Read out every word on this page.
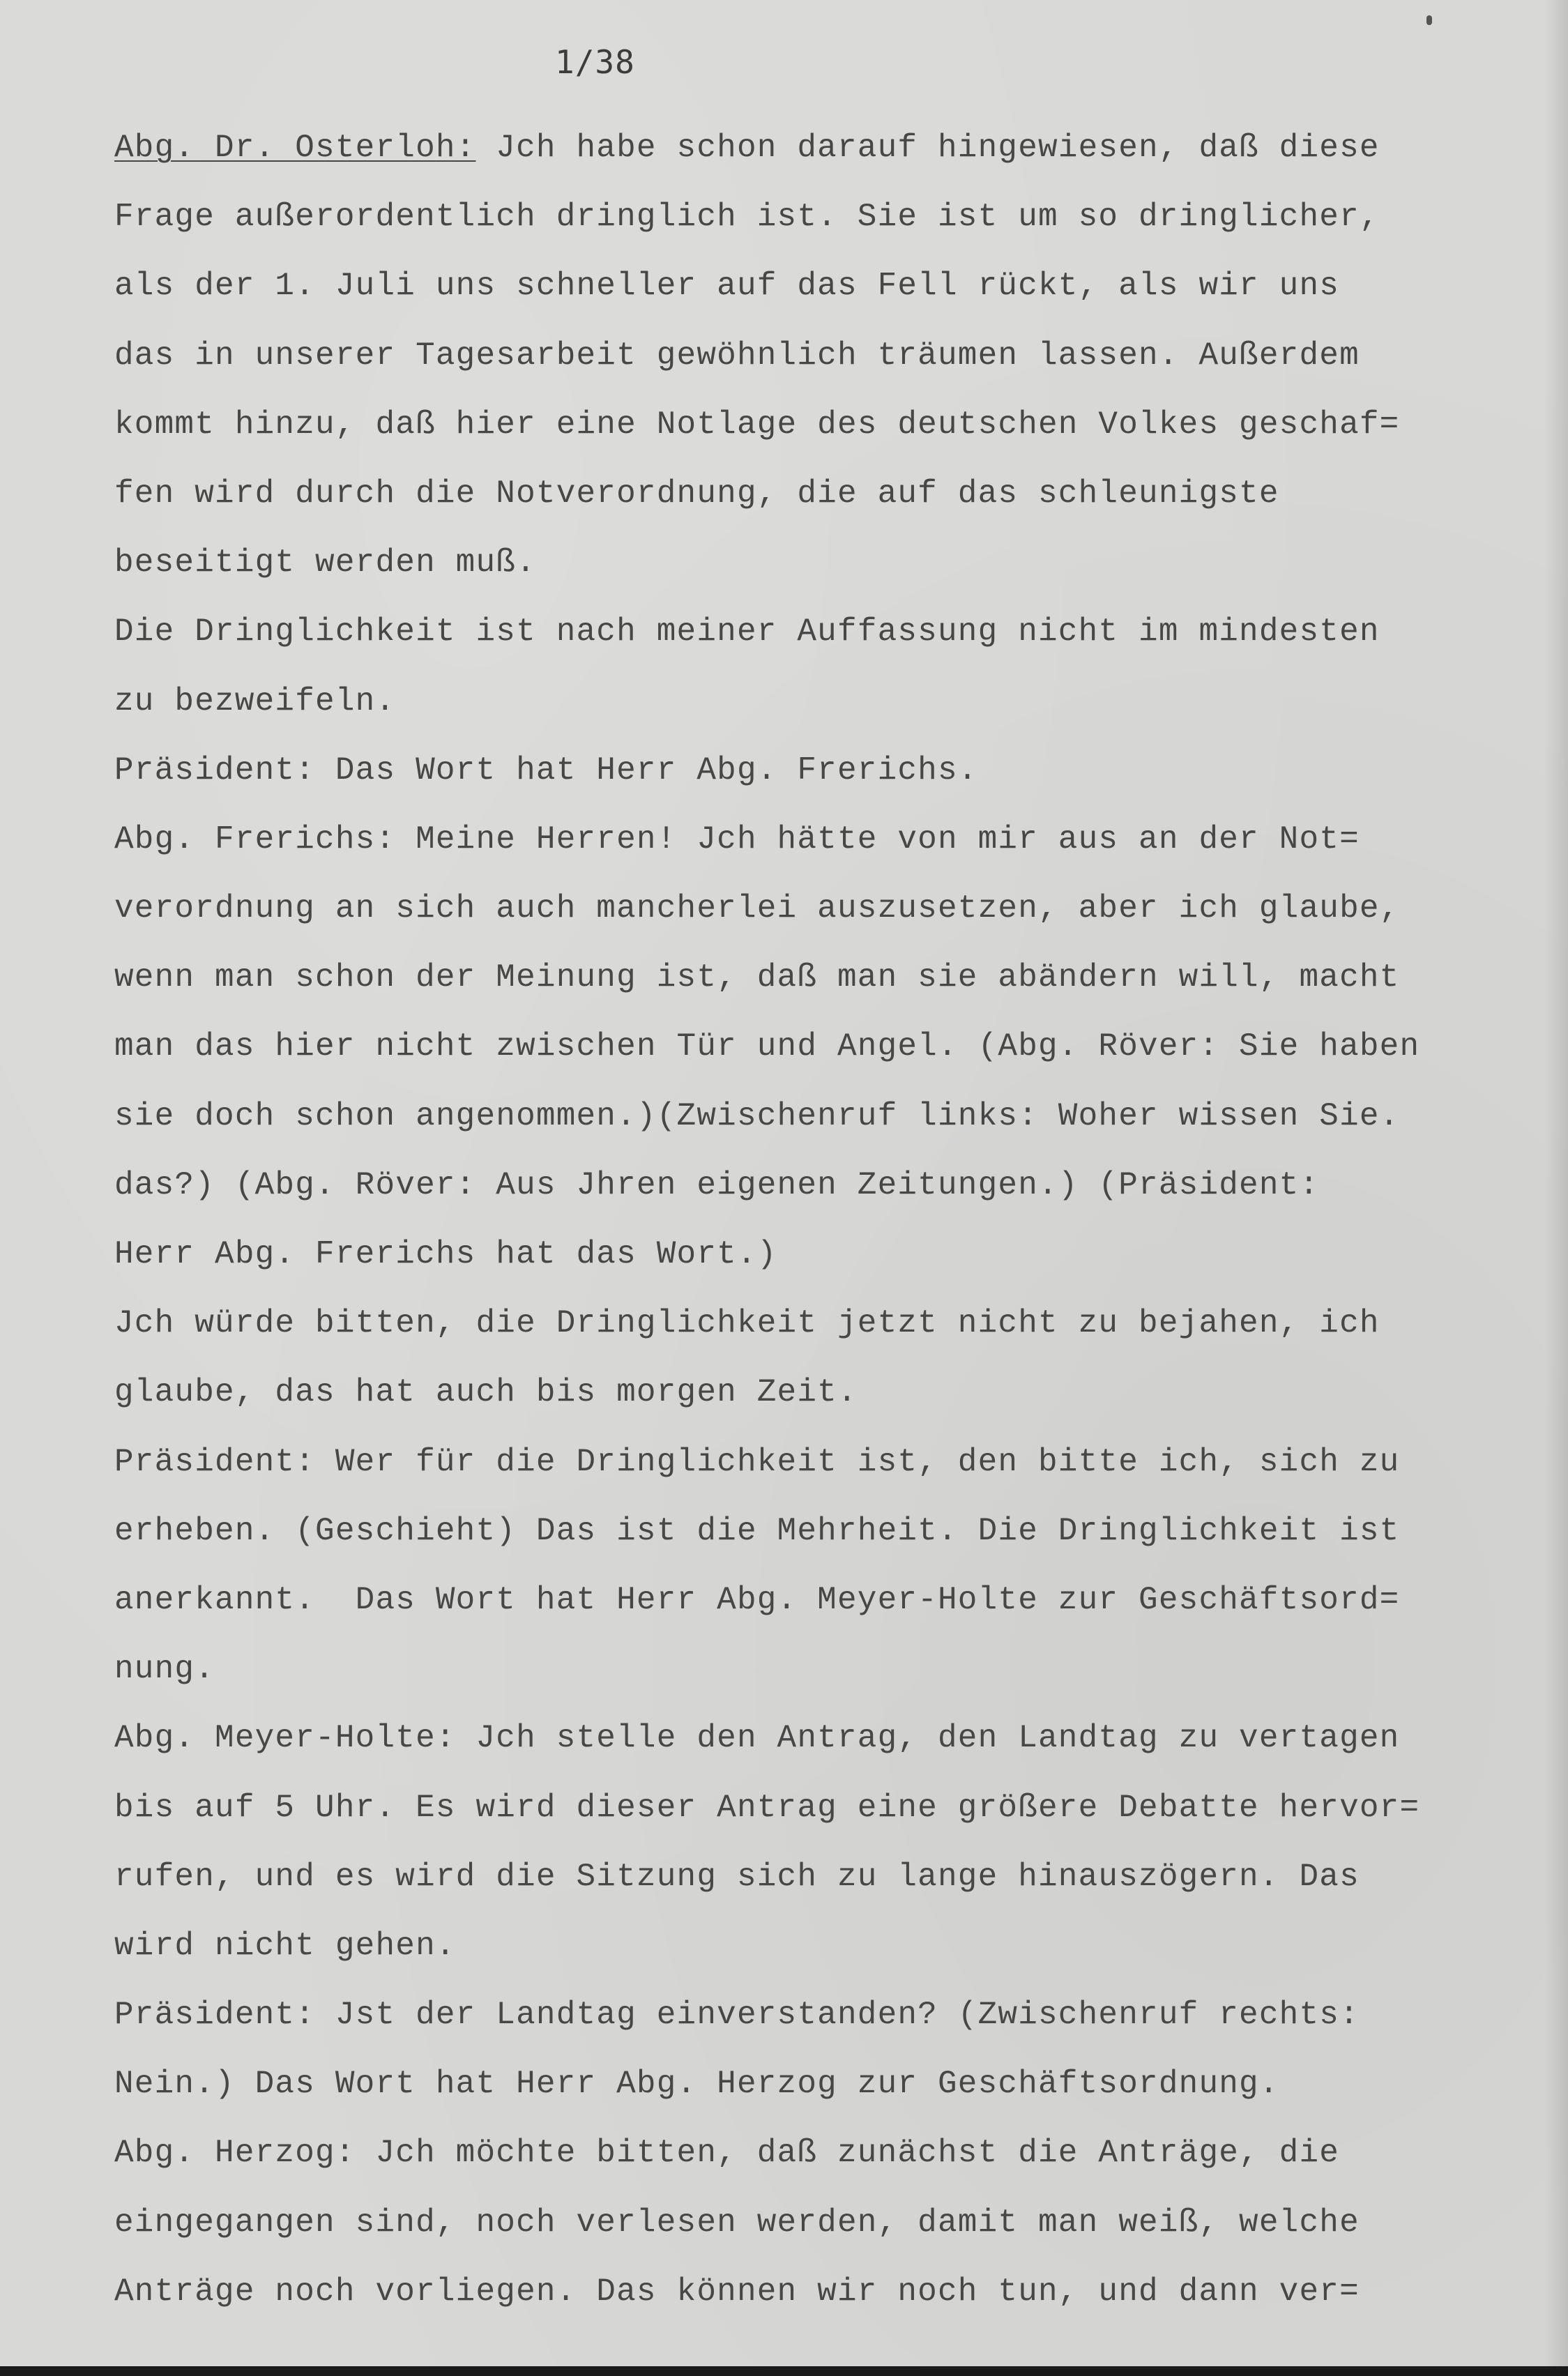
1/38
Abg. Dr. Osterloh: Jch habe schon darauf hingewiesen, daß diese
Frage außerordentlich dringlich ist. Sie ist um so dringlicher,
als der 1. Juli uns schneller auf das Fell rückt, als wir uns
das in unserer Tagesarbeit gewöhnlich träumen lassen. Außerdem
kommt hinzu, daß hier eine Notlage des deutschen Volkes geschaf=
fen wird durch die Notverordnung, die auf das schleunigste
beseitigt werden muß.
Die Dringlichkeit ist nach meiner Auffassung nicht im mindesten
zu bezweifeln.
Präsident: Das Wort hat Herr Abg. Frerichs.
Abg. Frerichs: Meine Herren! Jch hätte von mir aus an der Not=
verordnung an sich auch mancherlei auszusetzen, aber ich glaube,
wenn man schon der Meinung ist, daß man sie abändern will, macht
man das hier nicht zwischen Tür und Angel. (Abg. Röver: Sie haben
sie doch schon angenommen.)(Zwischenruf links: Woher wissen Sie.
das?) (Abg. Röver: Aus Jhren eigenen Zeitungen.) (Präsident:
Herr Abg. Frerichs hat das Wort.)
Jch würde bitten, die Dringlichkeit jetzt nicht zu bejahen, ich
glaube, das hat auch bis morgen Zeit.
Präsident: Wer für die Dringlichkeit ist, den bitte ich, sich zu
erheben. (Geschieht) Das ist die Mehrheit. Die Dringlichkeit ist
anerkannt.  Das Wort hat Herr Abg. Meyer-Holte zur Geschäftsord=
nung.
Abg. Meyer-Holte: Jch stelle den Antrag, den Landtag zu vertagen
bis auf 5 Uhr. Es wird dieser Antrag eine größere Debatte hervor=
rufen, und es wird die Sitzung sich zu lange hinauszögern. Das
wird nicht gehen.
Präsident: Jst der Landtag einverstanden? (Zwischenruf rechts:
Nein.) Das Wort hat Herr Abg. Herzog zur Geschäftsordnung.
Abg. Herzog: Jch möchte bitten, daß zunächst die Anträge, die
eingegangen sind, noch verlesen werden, damit man weiß, welche
Anträge noch vorliegen. Das können wir noch tun, und dann ver=
